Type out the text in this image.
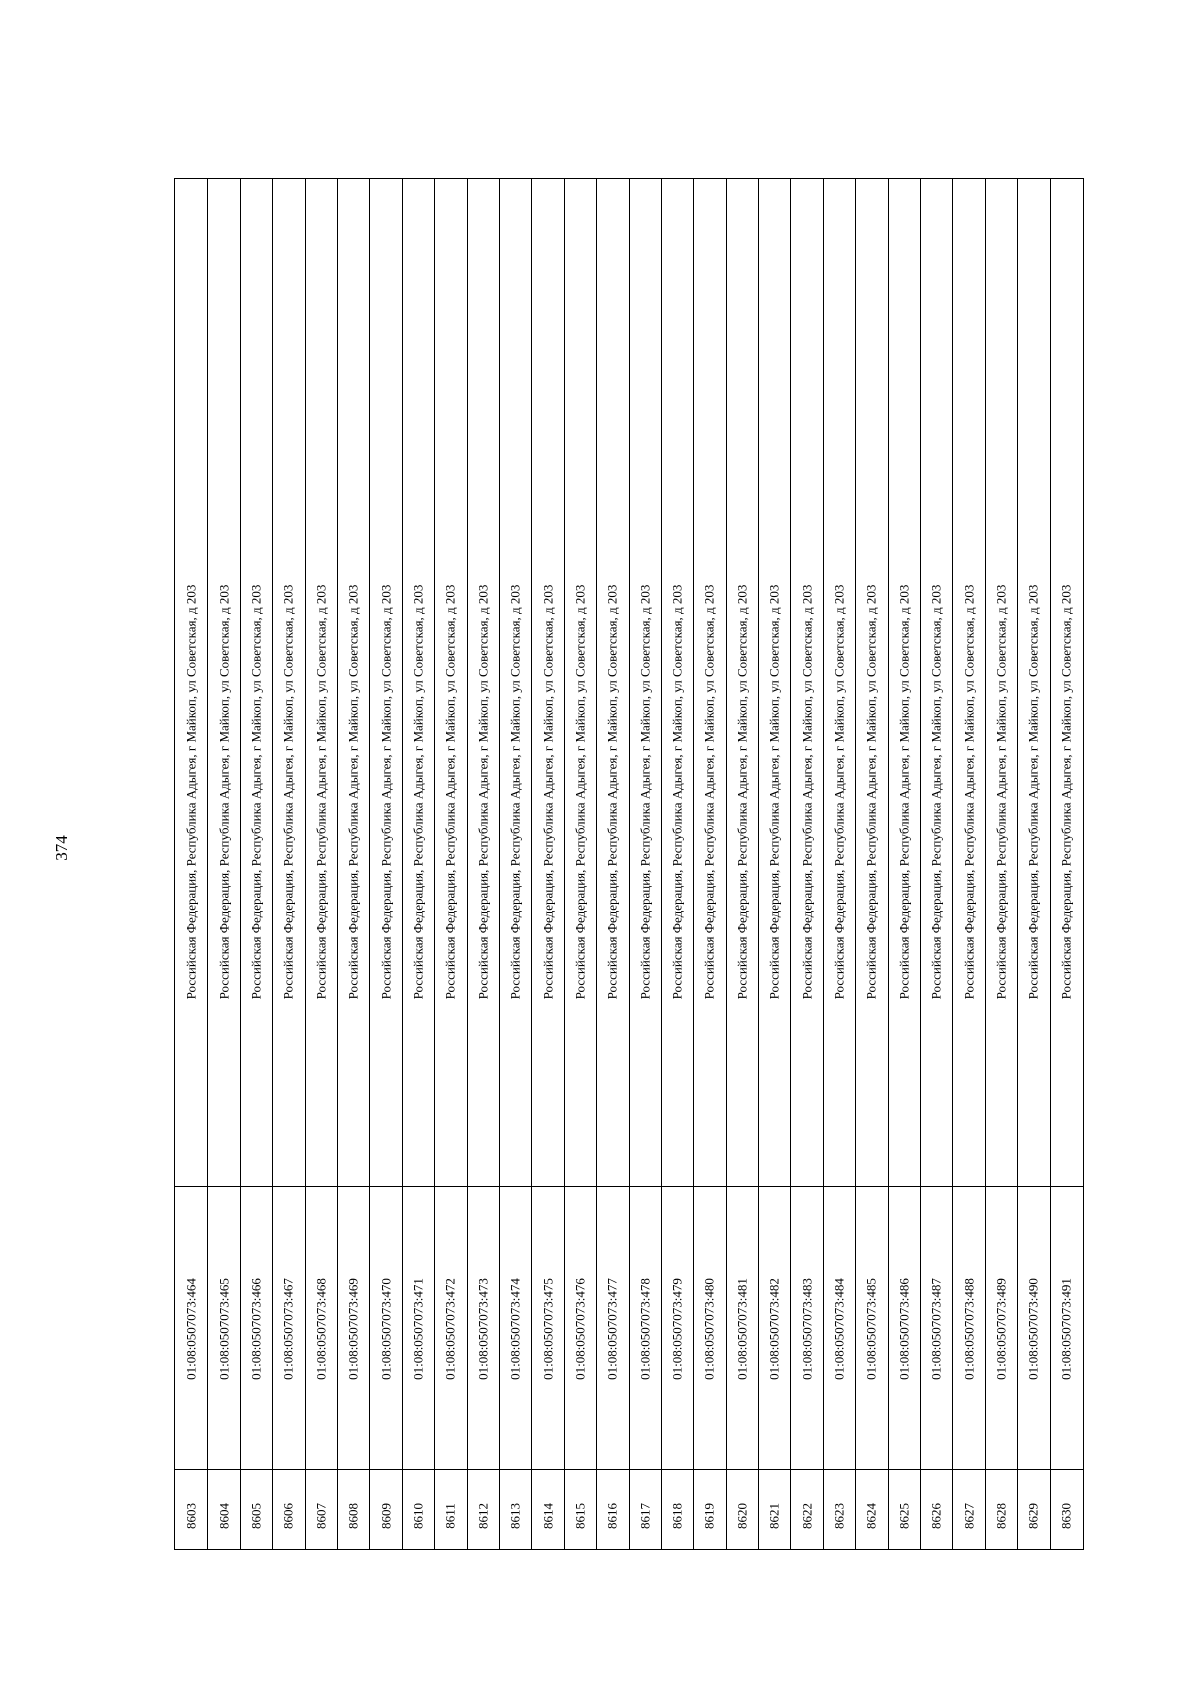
374
8603
01:08:0507073:464
Российская Федерация, Республика Адыгея, г Майкоп, ул Советская, д 203
8604
01:08:0507073:465
Российская Федерация, Республика Адыгея, г Майкоп, ул Советская, д 203
8605
01:08:0507073:466
Российская Федерация, Республика Адыгея, г Майкоп, ул Советская, д 203
8606
01:08:0507073:467
Российская Федерация, Республика Адыгея, г Майкоп, ул Советская, д 203
8607
01:08:0507073:468
Российская Федерация, Республика Адыгея, г Майкоп, ул Советская, д 203
8608
01:08:0507073:469
Российская Федерация, Республика Адыгея, г Майкоп, ул Советская, д 203
8609
01:08:0507073:470
Российская Федерация, Республика Адыгея, г Майкоп, ул Советская, д 203
8610
01:08:0507073:471
Российская Федерация, Республика Адыгея, г Майкоп, ул Советская, д 203
8611
01:08:0507073:472
Российская Федерация, Республика Адыгея, г Майкоп, ул Советская, д 203
8612
01:08:0507073:473
Российская Федерация, Республика Адыгея, г Майкоп, ул Советская, д 203
8613
01:08:0507073:474
Российская Федерация, Республика Адыгея, г Майкоп, ул Советская, д 203
8614
01:08:0507073:475
Российская Федерация, Республика Адыгея, г Майкоп, ул Советская, д 203
8615
01:08:0507073:476
Российская Федерация, Республика Адыгея, г Майкоп, ул Советская, д 203
8616
01:08:0507073:477
Российская Федерация, Республика Адыгея, г Майкоп, ул Советская, д 203
8617
01:08:0507073:478
Российская Федерация, Республика Адыгея, г Майкоп, ул Советская, д 203
8618
01:08:0507073:479
Российская Федерация, Республика Адыгея, г Майкоп, ул Советская, д 203
8619
01:08:0507073:480
Российская Федерация, Республика Адыгея, г Майкоп, ул Советская, д 203
8620
01:08:0507073:481
Российская Федерация, Республика Адыгея, г Майкоп, ул Советская, д 203
8621
01:08:0507073:482
Российская Федерация, Республика Адыгея, г Майкоп, ул Советская, д 203
8622
01:08:0507073:483
Российская Федерация, Республика Адыгея, г Майкоп, ул Советская, д 203
8623
01:08:0507073:484
Российская Федерация, Республика Адыгея, г Майкоп, ул Советская, д 203
8624
01:08:0507073:485
Российская Федерация, Республика Адыгея, г Майкоп, ул Советская, д 203
8625
01:08:0507073:486
Российская Федерация, Республика Адыгея, г Майкоп, ул Советская, д 203
8626
01:08:0507073:487
Российская Федерация, Республика Адыгея, г Майкоп, ул Советская, д 203
8627
01:08:0507073:488
Российская Федерация, Республика Адыгея, г Майкоп, ул Советская, д 203
8628
01:08:0507073:489
Российская Федерация, Республика Адыгея, г Майкоп, ул Советская, д 203
8629
01:08:0507073:490
Российская Федерация, Республика Адыгея, г Майкоп, ул Советская, д 203
8630
01:08:0507073:491
Российская Федерация, Республика Адыгея, г Майкоп, ул Советская, д 203
